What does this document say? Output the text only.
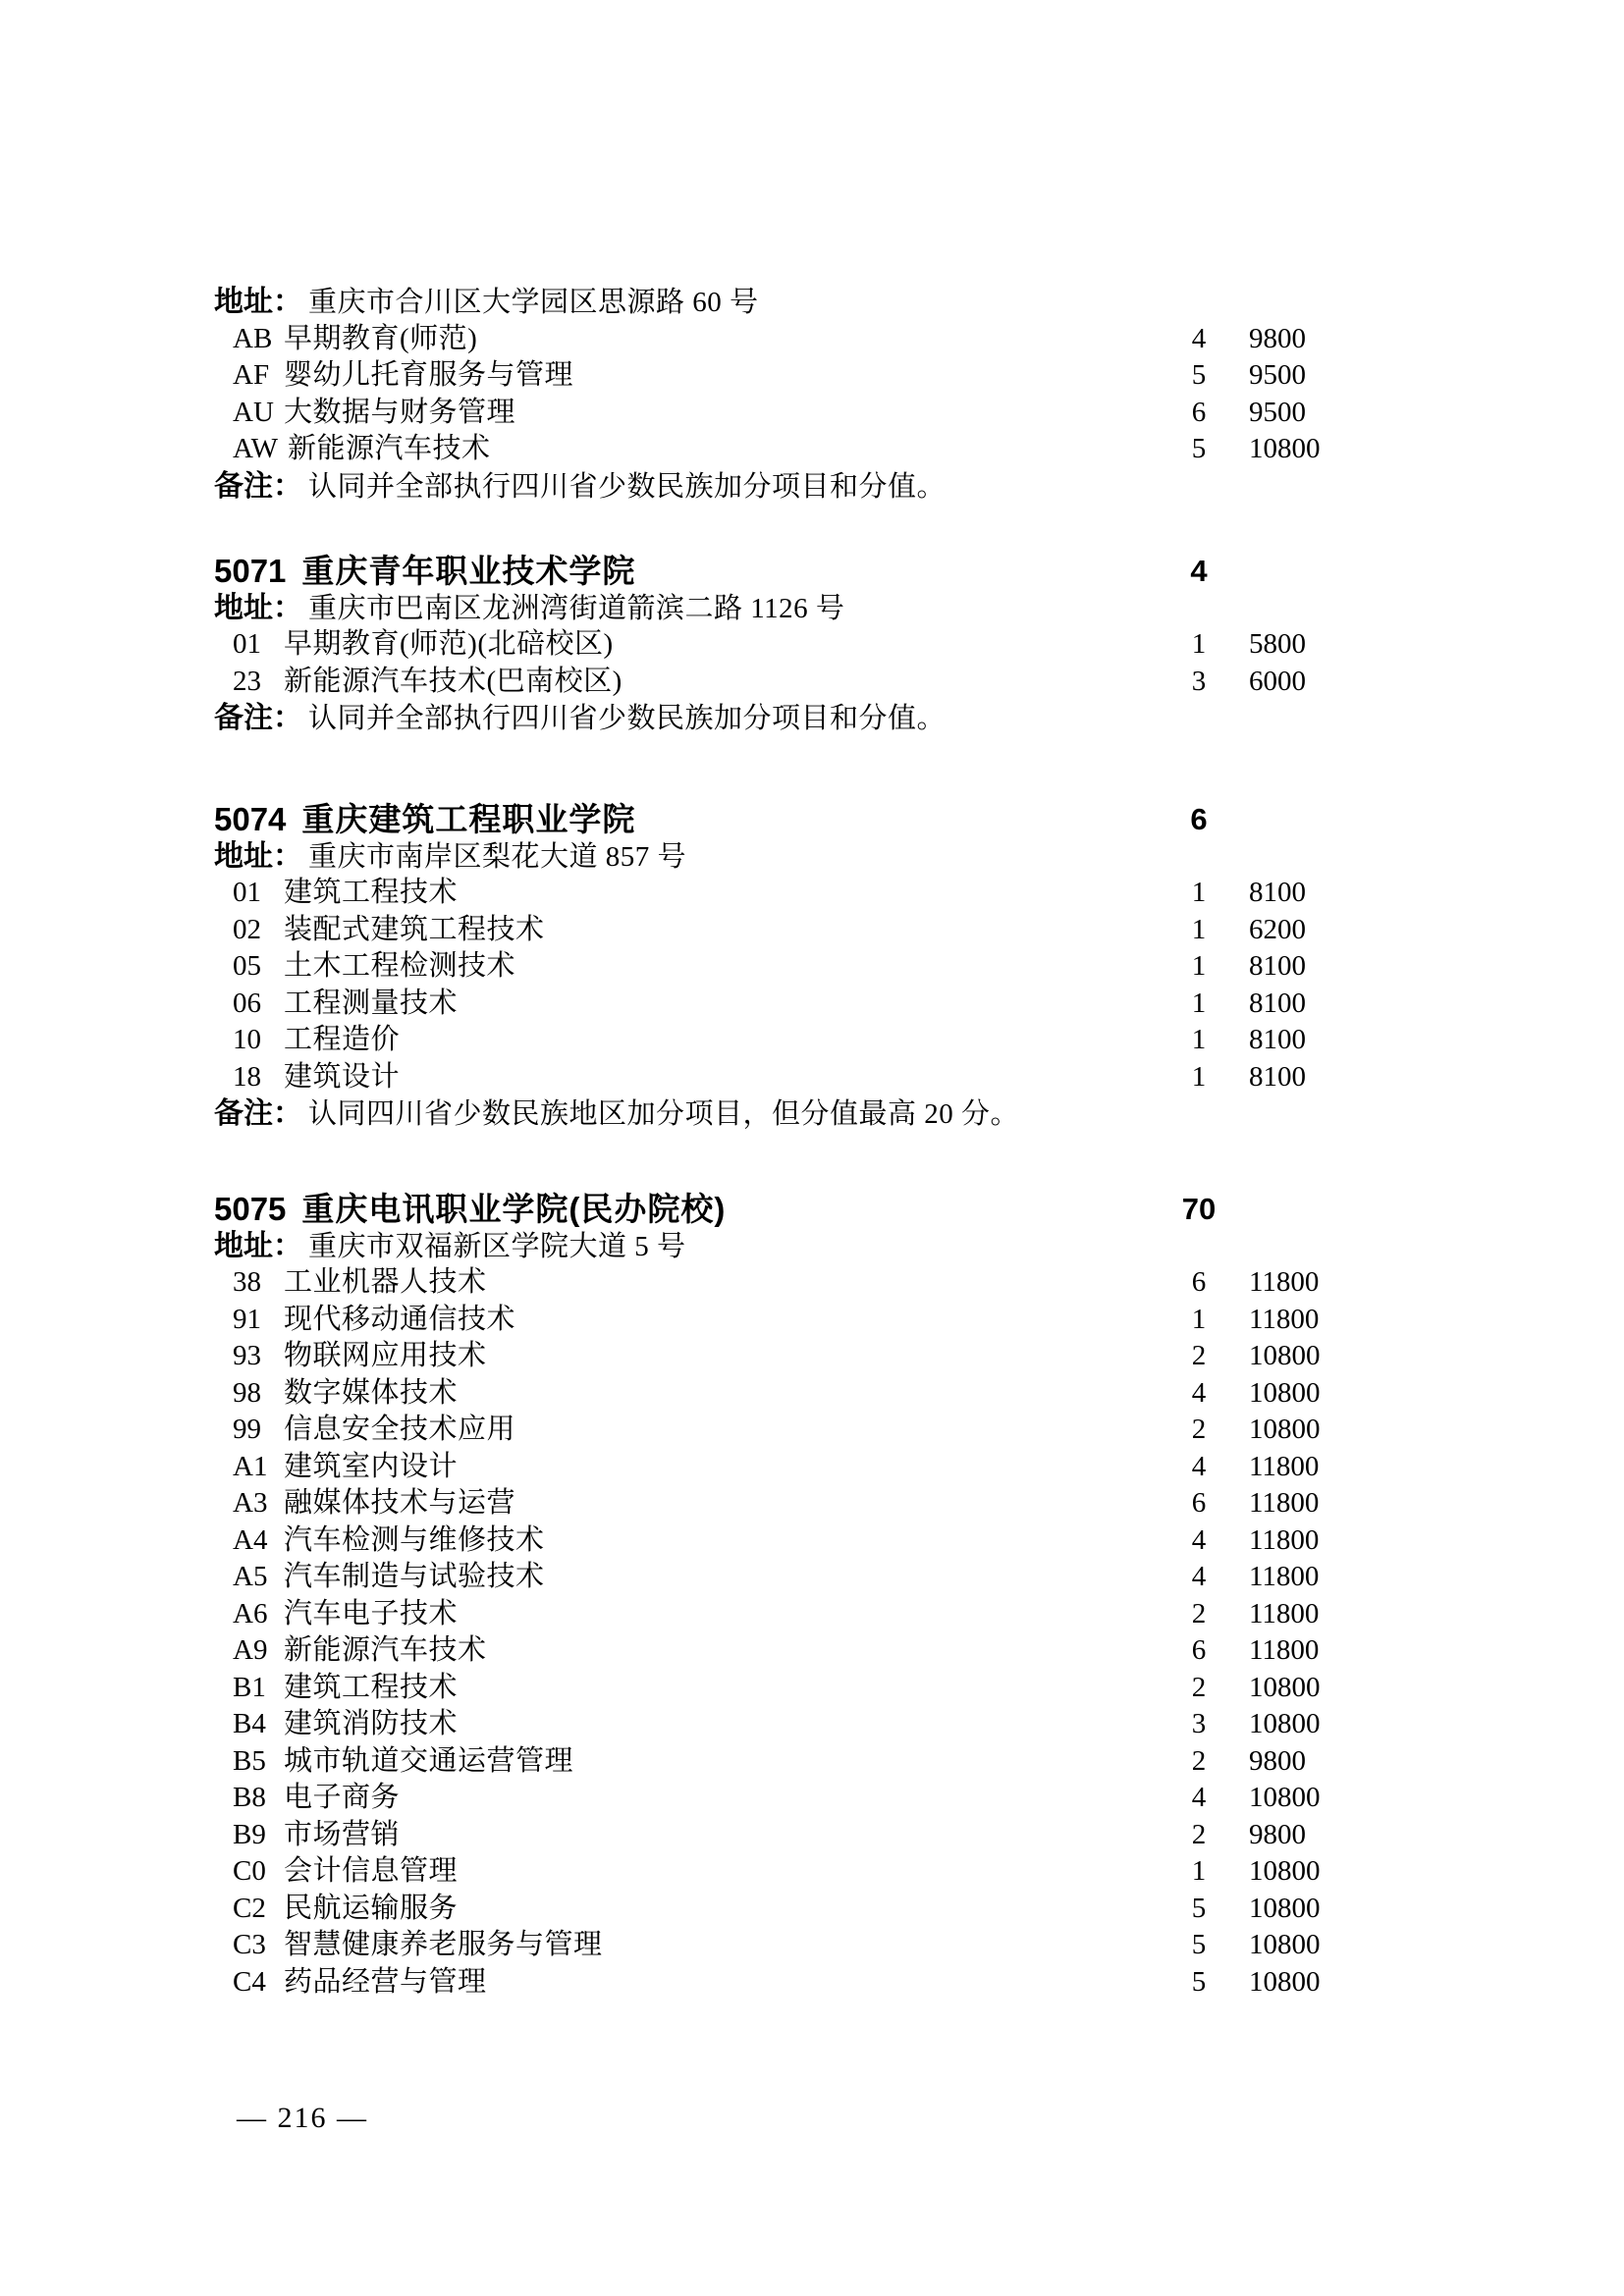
地址： 重庆市合川区大学园区思源路 60 号
AB 早期教育(师范)	4	9800
AF 婴幼儿托育服务与管理	5	9500
AU 大数据与财务管理	6	9500
AW 新能源汽车技术	5	10800
备注： 认同并全部执行四川省少数民族加分项目和分值。
5071 重庆青年职业技术学院	4
地址： 重庆市巴南区龙洲湾街道箭滨二路 1126 号
01 早期教育(师范)(北碚校区)	1	5800
23 新能源汽车技术(巴南校区)	3	6000
备注： 认同并全部执行四川省少数民族加分项目和分值。
5074 重庆建筑工程职业学院	6
地址： 重庆市南岸区梨花大道 857 号
01 建筑工程技术	1	8100
02 装配式建筑工程技术	1	6200
05 土木工程检测技术	1	8100
06 工程测量技术	1	8100
10 工程造价	1	8100
18 建筑设计	1	8100
备注： 认同四川省少数民族地区加分项目，但分值最高 20 分。
5075 重庆电讯职业学院(民办院校)	70
地址： 重庆市双福新区学院大道 5 号
38 工业机器人技术	6	11800
91 现代移动通信技术	1	11800
93 物联网应用技术	2	10800
98 数字媒体技术	4	10800
99 信息安全技术应用	2	10800
A1 建筑室内设计	4	11800
A3 融媒体技术与运营	6	11800
A4 汽车检测与维修技术	4	11800
A5 汽车制造与试验技术	4	11800
A6 汽车电子技术	2	11800
A9 新能源汽车技术	6	11800
B1 建筑工程技术	2	10800
B4 建筑消防技术	3	10800
B5 城市轨道交通运营管理	2	9800
B8 电子商务	4	10800
B9 市场营销	2	9800
C0 会计信息管理	1	10800
C2 民航运输服务	5	10800
C3 智慧健康养老服务与管理	5	10800
C4 药品经营与管理	5	10800
— 216 —
